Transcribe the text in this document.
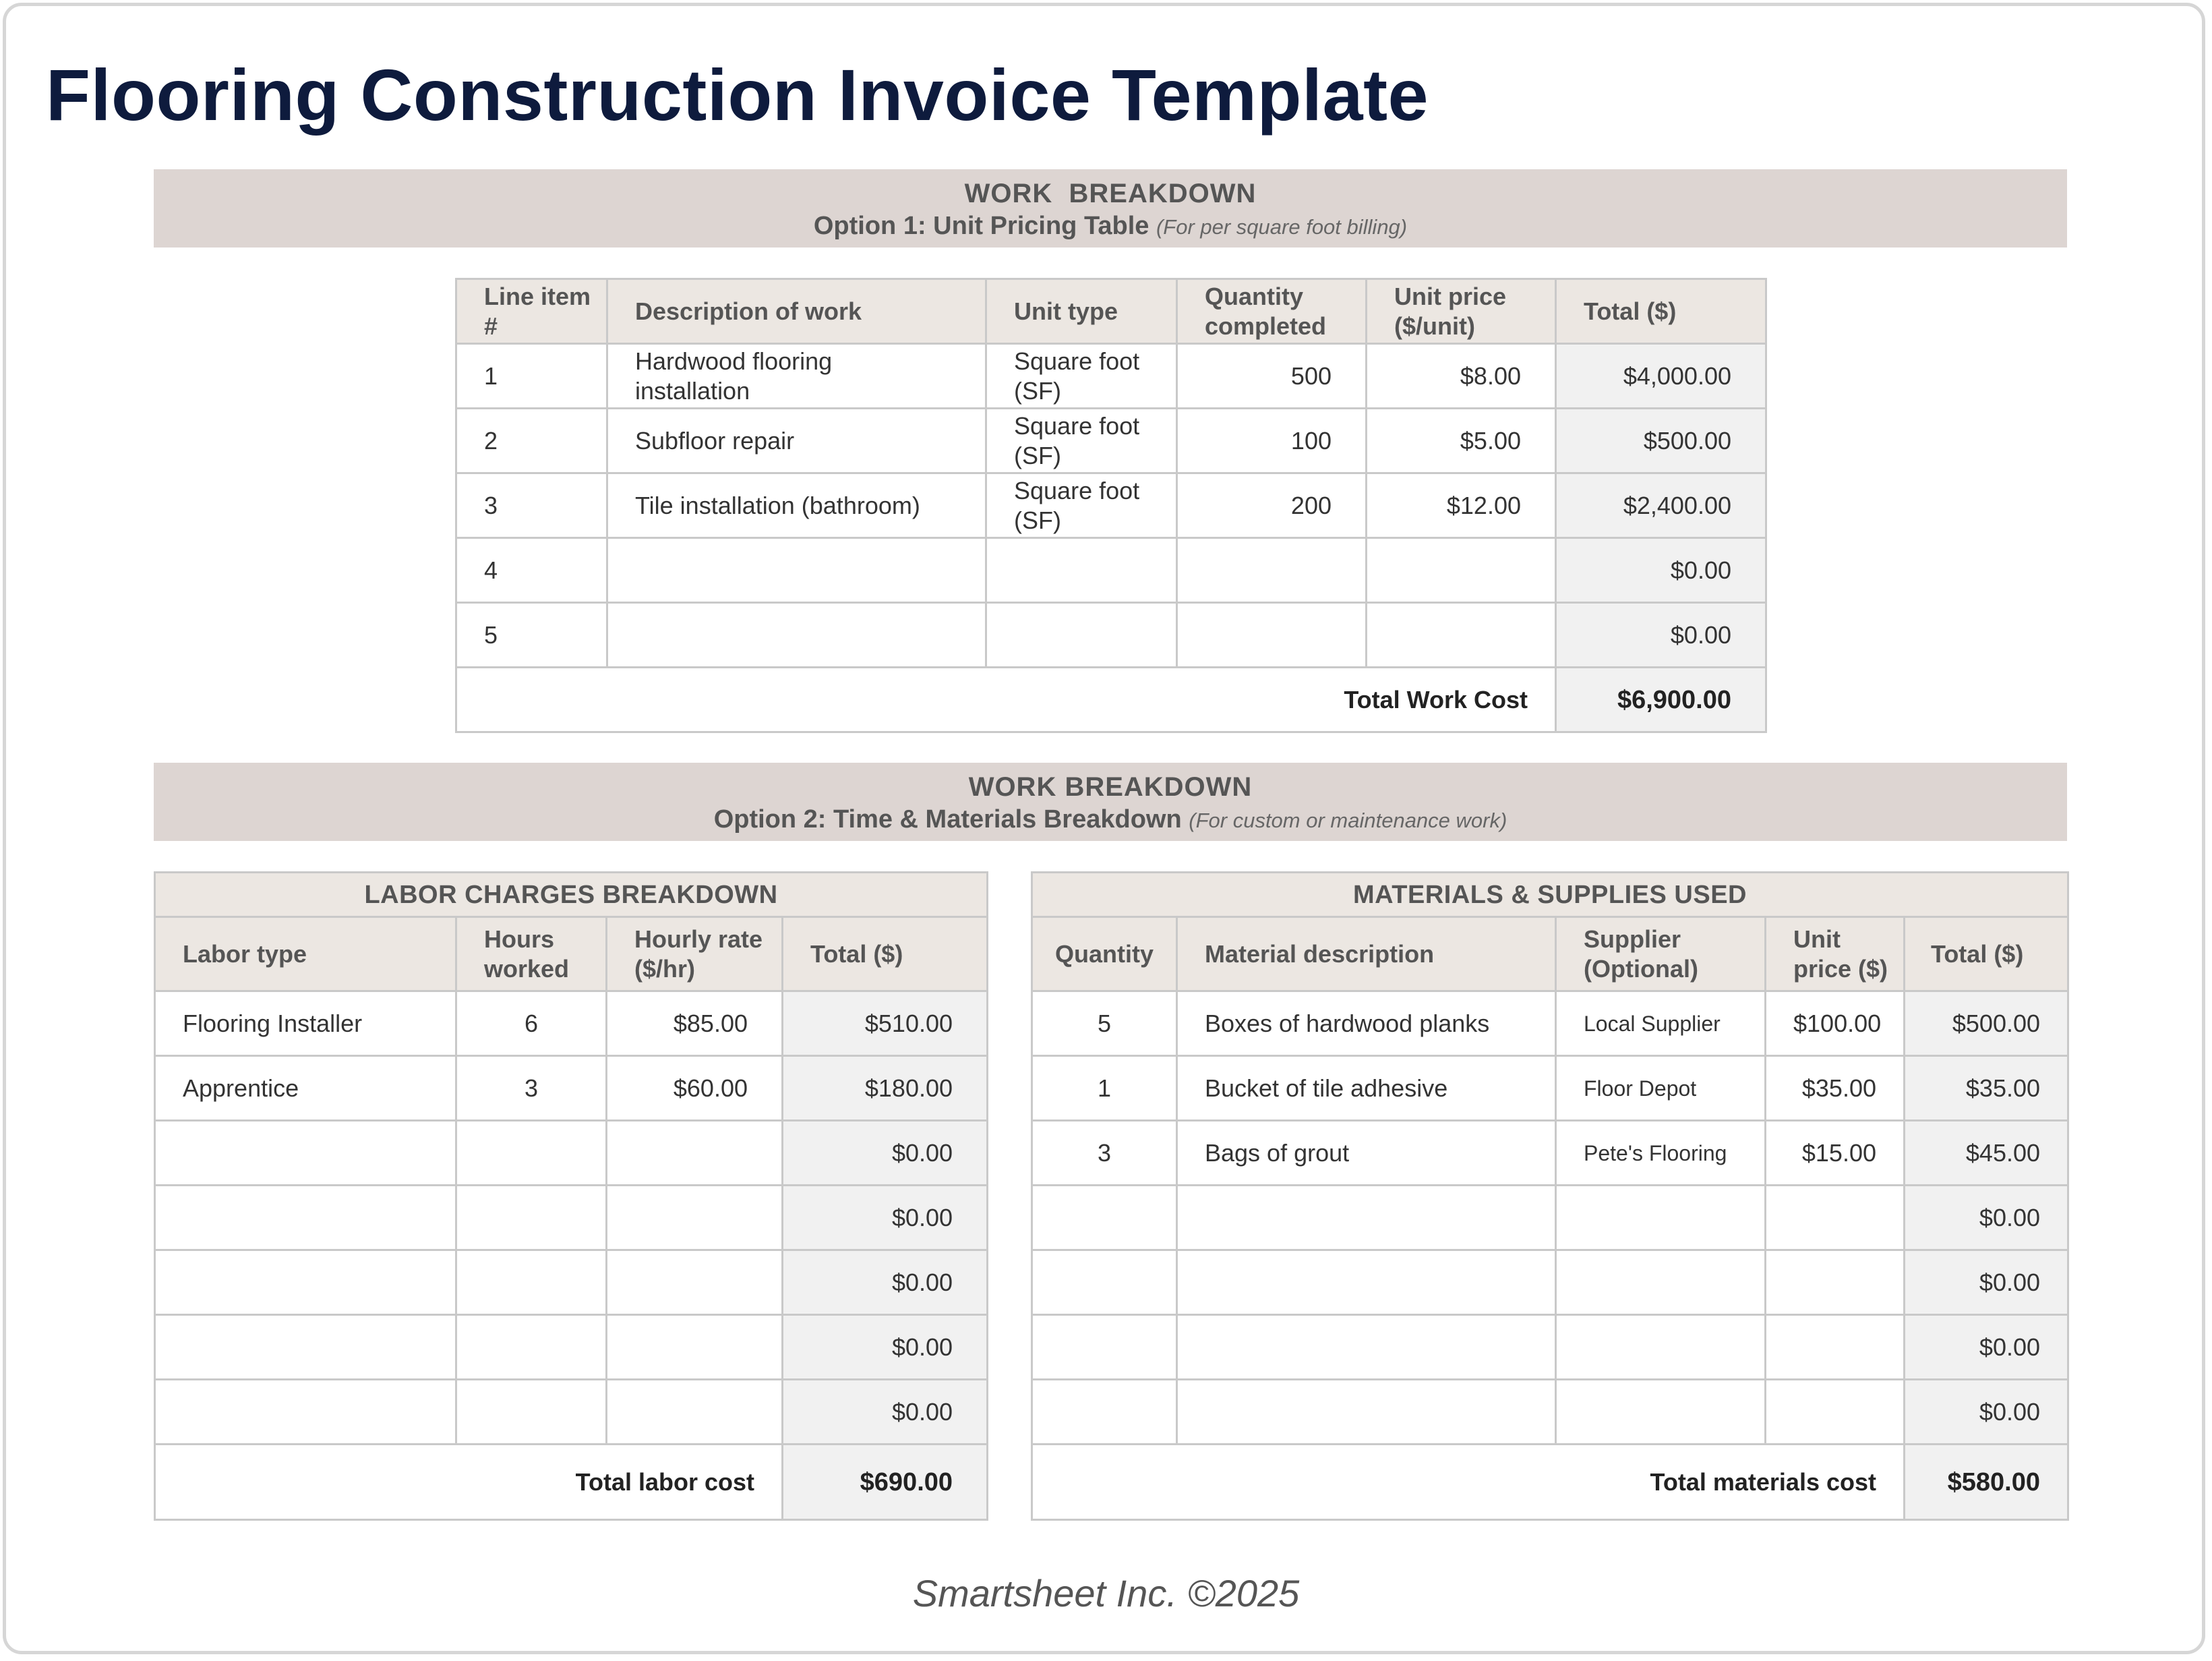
Flooring Construction Invoice Template
WORK  BREAKDOWN
Option 1: Unit Pricing Table (For per square foot billing)
Line item #	Description of work	Unit type	Quantity completed	Unit price ($/unit)	Total ($)
1	Hardwood flooring installation	Square foot (SF)	500	$8.00	$4,000.00
2	Subfloor repair	Square foot (SF)	100	$5.00	$500.00
3	Tile installation (bathroom)	Square foot (SF)	200	$12.00	$2,400.00
4					$0.00
5					$0.00
Total Work Cost					$6,900.00
WORK BREAKDOWN
Option 2: Time & Materials Breakdown (For custom or maintenance work)
LABOR CHARGES BREAKDOWN			
Labor type	Hours worked	Hourly rate ($/hr)	Total ($)
Flooring Installer	6	$85.00	$510.00
Apprentice	3	$60.00	$180.00
			$0.00
			$0.00
			$0.00
			$0.00
			$0.00
Total labor cost			$690.00
MATERIALS & SUPPLIES USED				
Quantity	Material description	Supplier (Optional)	Unit price ($)	Total ($)
5	Boxes of hardwood planks	Local Supplier	$100.00	$500.00
1	Bucket of tile adhesive	Floor Depot	$35.00	$35.00
3	Bags of grout	Pete's Flooring	$15.00	$45.00
				$0.00
				$0.00
				$0.00
				$0.00
Total materials cost				$580.00
Smartsheet Inc. ©2025
